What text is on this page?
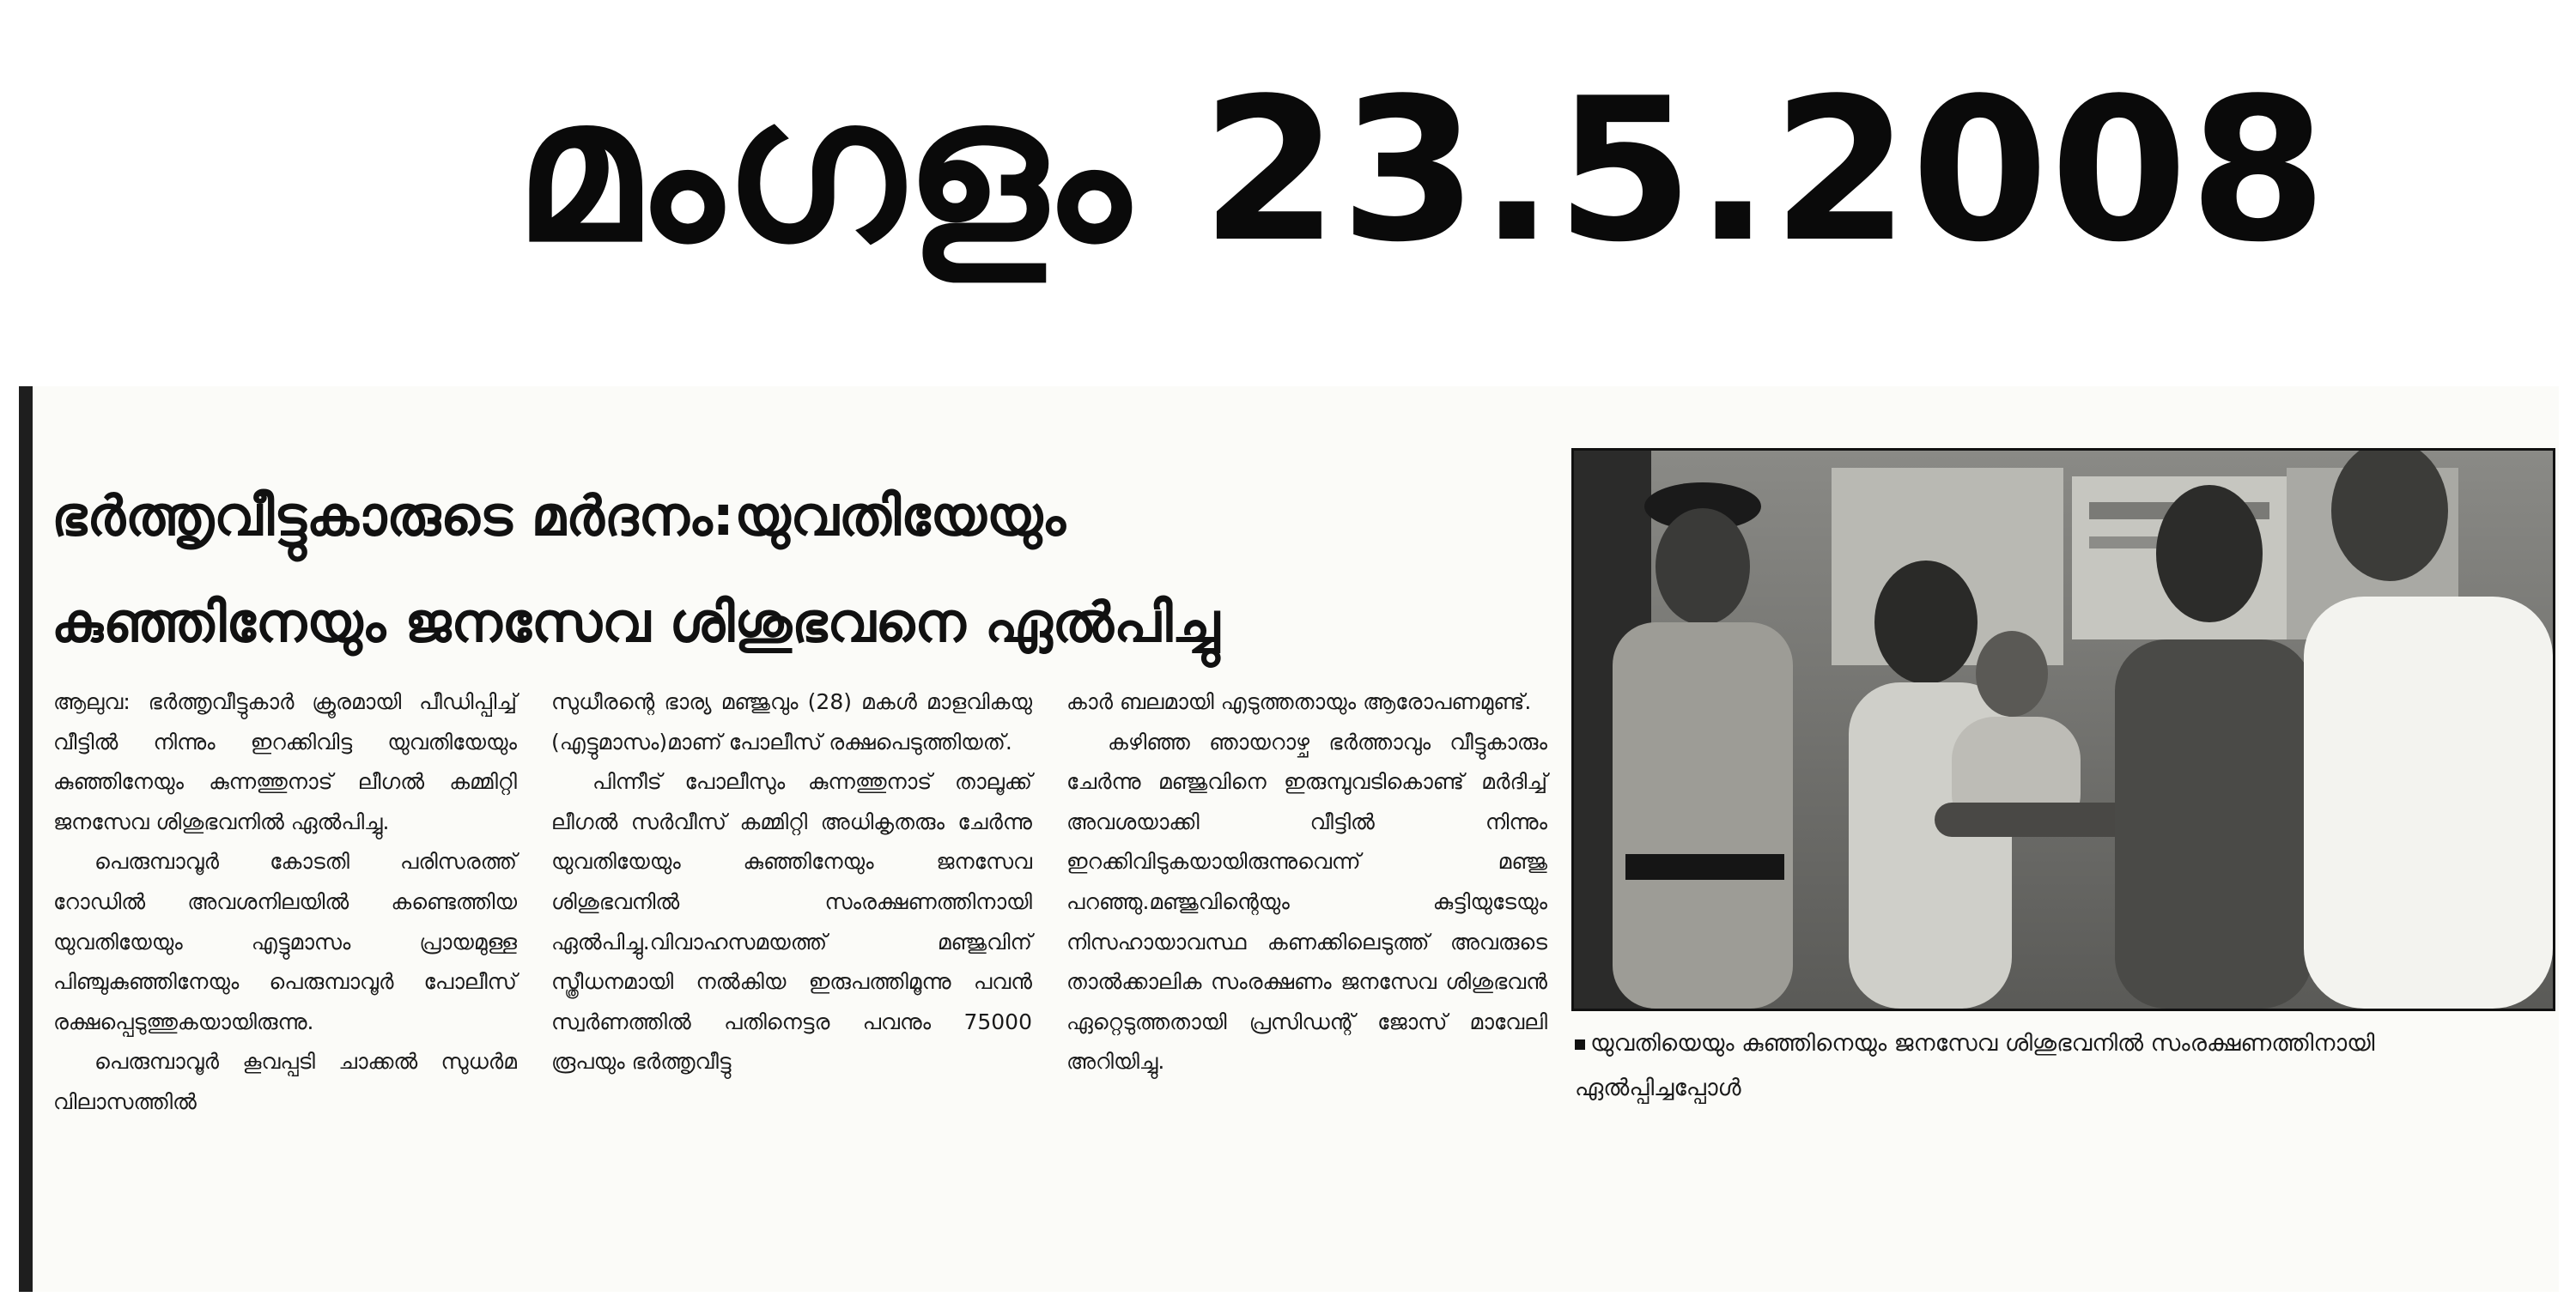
മംഗളം 23.5.2008
ഭർത്തൃവീട്ടുകാരുടെ മർദനം:യുവതിയേയും
കുഞ്ഞിനേയും ജനസേവ ശിശുഭവനെ ഏൽപിച്ചു

ആലുവ: ഭർത്തൃവീട്ടുകാർ ക്രൂരമായി പീഡിപ്പിച്ച് വീട്ടിൽ നിന്നും ഇറക്കിവിട്ട യുവതിയേയും കുഞ്ഞിനേയും കുന്നത്തുനാട് ലീഗൽ കമ്മിറ്റി ജനസേവ ശിശുഭവനിൽ ഏൽപിച്ചു.

പെരുമ്പാവൂർ കോടതി പരിസരത്ത് റോഡിൽ അവശനിലയിൽ കണ്ടെത്തിയ യുവതിയേയും എട്ടുമാസം പ്രായമുള്ള പിഞ്ചുകുഞ്ഞിനേയും പെരുമ്പാവൂർ പോലീസ് രക്ഷപ്പെടുത്തുകയായിരുന്നു.

പെരുമ്പാവൂർ കൂവപ്പടി ചാക്കൽ സുധർമ വിലാസത്തിൽ

സുധീരന്റെ ഭാര്യ മഞ്ജുവും (28) മകൾ മാളവികയു (എട്ടുമാസം)മാണ് പോലീസ് രക്ഷപെടുത്തിയത്.

പിന്നീട് പോലീസും കുന്നത്തുനാട് താലൂക്ക് ലീഗൽ സർവീസ് കമ്മിറ്റി അധികൃതരും ചേർന്നു യുവതിയേയും കുഞ്ഞിനേയും ജനസേവ ശിശുഭവനിൽ സംരക്ഷണത്തിനായി ഏൽപിച്ചു.വിവാഹസമയത്ത് മഞ്ജുവിന് സ്ത്രീധനമായി നൽകിയ ഇരുപത്തിമൂന്നു പവൻ സ്വർണത്തിൽ പതിനെട്ടര പവനും 75000 രൂപയും ഭർത്തൃവീട്ടു

കാർ ബലമായി എടുത്തതായും ആരോപണമുണ്ട്.

കഴിഞ്ഞ ഞായറാഴ്ച ഭർത്താവും വീട്ടുകാരും ചേർന്നു മഞ്ജുവിനെ ഇരുമ്പുവടികൊണ്ട് മർദിച്ച് അവശയാക്കി വീട്ടിൽ നിന്നും ഇറക്കിവിടുകയായിരുന്നുവെന്ന് മഞ്ജു പറഞ്ഞു.മഞ്ജുവിന്റെയും കുട്ടിയുടേയും നിസഹായാവസ്ഥ കണക്കിലെടുത്ത് അവരുടെ താൽക്കാലിക സംരക്ഷണം ജനസേവ ശിശുഭവൻ ഏറ്റെടുത്തതായി പ്രസിഡന്റ് ജോസ് മാവേലി അറിയിച്ചു.

യുവതിയെയും കുഞ്ഞിനെയും ജനസേവ ശിശുഭവനിൽ സംരക്ഷണത്തിനായി ഏൽപ്പിച്ചപ്പോൾ
